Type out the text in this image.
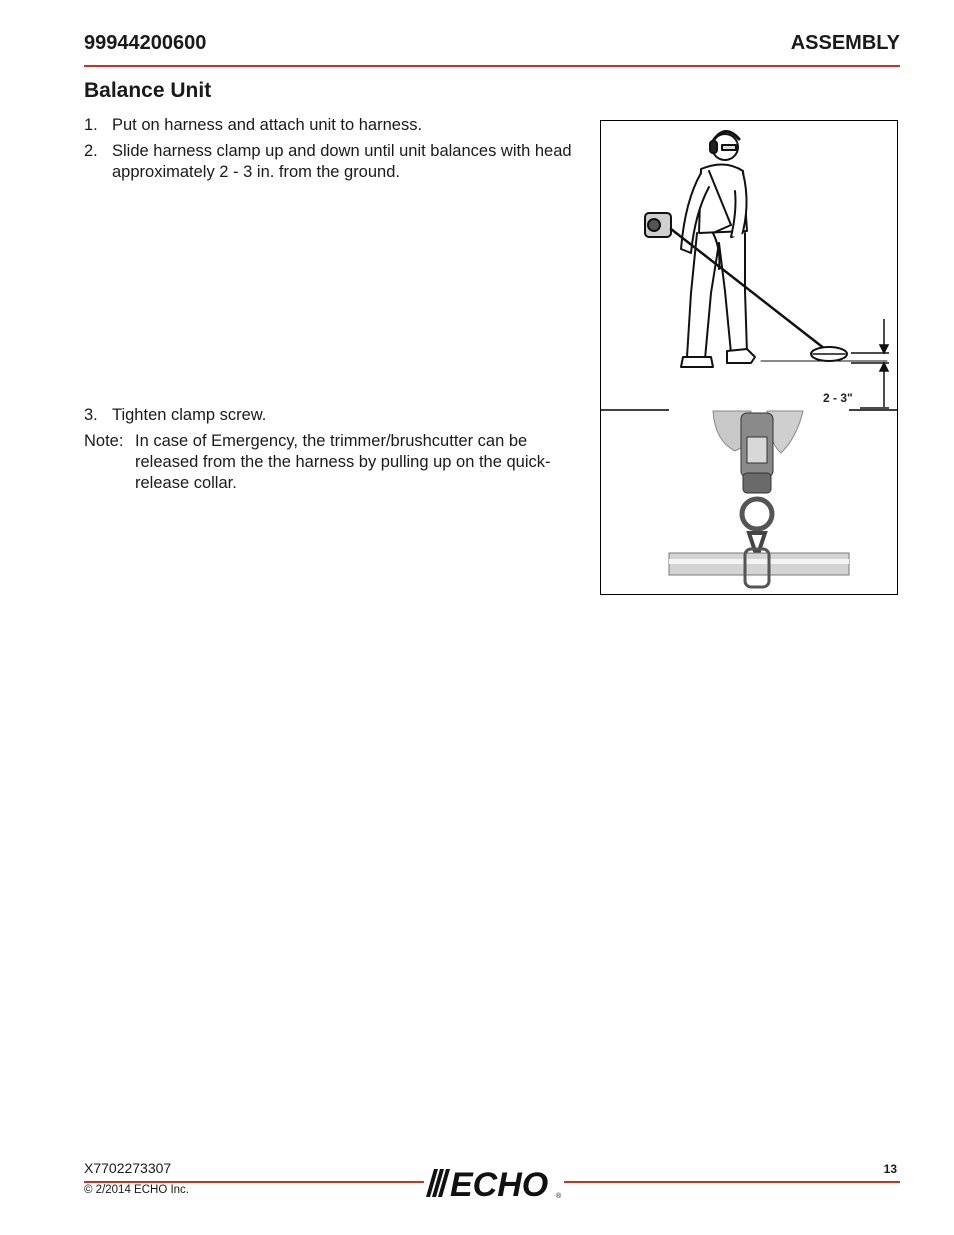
99944200600	ASSEMBLY
Balance Unit
1. Put on harness and attach unit to harness.
2. Slide harness clamp up and down until unit balances with head approximately 2 - 3 in. from the ground.
3. Tighten clamp screw.
Note: In case of Emergency, the trimmer/brushcutter can be released from the the harness by pulling up on the quick-release collar.
2 - 3"
X7702273307	13
© 2/2014 ECHO Inc.	ECHO ®
